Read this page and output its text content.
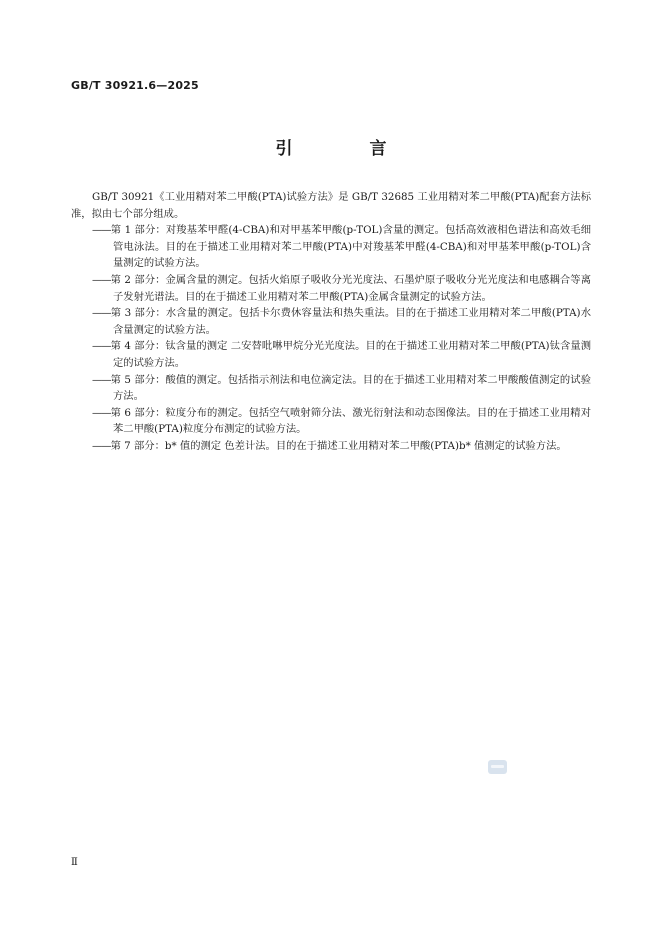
GB/T 30921.6—2025
引　言

GB/T 30921《工业用精对苯二甲酸(PTA)试验方法》是 GB/T 32685 工业用精对苯二甲酸(PTA)配套方法标准，拟由七个部分组成。

——第 1 部分：对羧基苯甲醛(4-CBA)和对甲基苯甲酸(p-TOL)含量的测定。包括高效液相色谱法和高效毛细管电泳法。目的在于描述工业用精对苯二甲酸(PTA)中对羧基苯甲醛(4-CBA)和对甲基苯甲酸(p-TOL)含量测定的试验方法。

——第 2 部分：金属含量的测定。包括火焰原子吸收分光光度法、石墨炉原子吸收分光光度法和电感耦合等离子发射光谱法。目的在于描述工业用精对苯二甲酸(PTA)金属含量测定的试验方法。

——第 3 部分：水含量的测定。包括卡尔费休容量法和热失重法。目的在于描述工业用精对苯二甲酸(PTA)水含量测定的试验方法。

——第 4 部分：钛含量的测定 二安替吡啉甲烷分光光度法。目的在于描述工业用精对苯二甲酸(PTA)钛含量测定的试验方法。

——第 5 部分：酸值的测定。包括指示剂法和电位滴定法。目的在于描述工业用精对苯二甲酸酸值测定的试验方法。

——第 6 部分：粒度分布的测定。包括空气喷射筛分法、激光衍射法和动态图像法。目的在于描述工业用精对苯二甲酸(PTA)粒度分布测定的试验方法。

——第 7 部分：b* 值的测定 色差计法。目的在于描述工业用精对苯二甲酸(PTA)b* 值测定的试验方法。

Ⅱ
